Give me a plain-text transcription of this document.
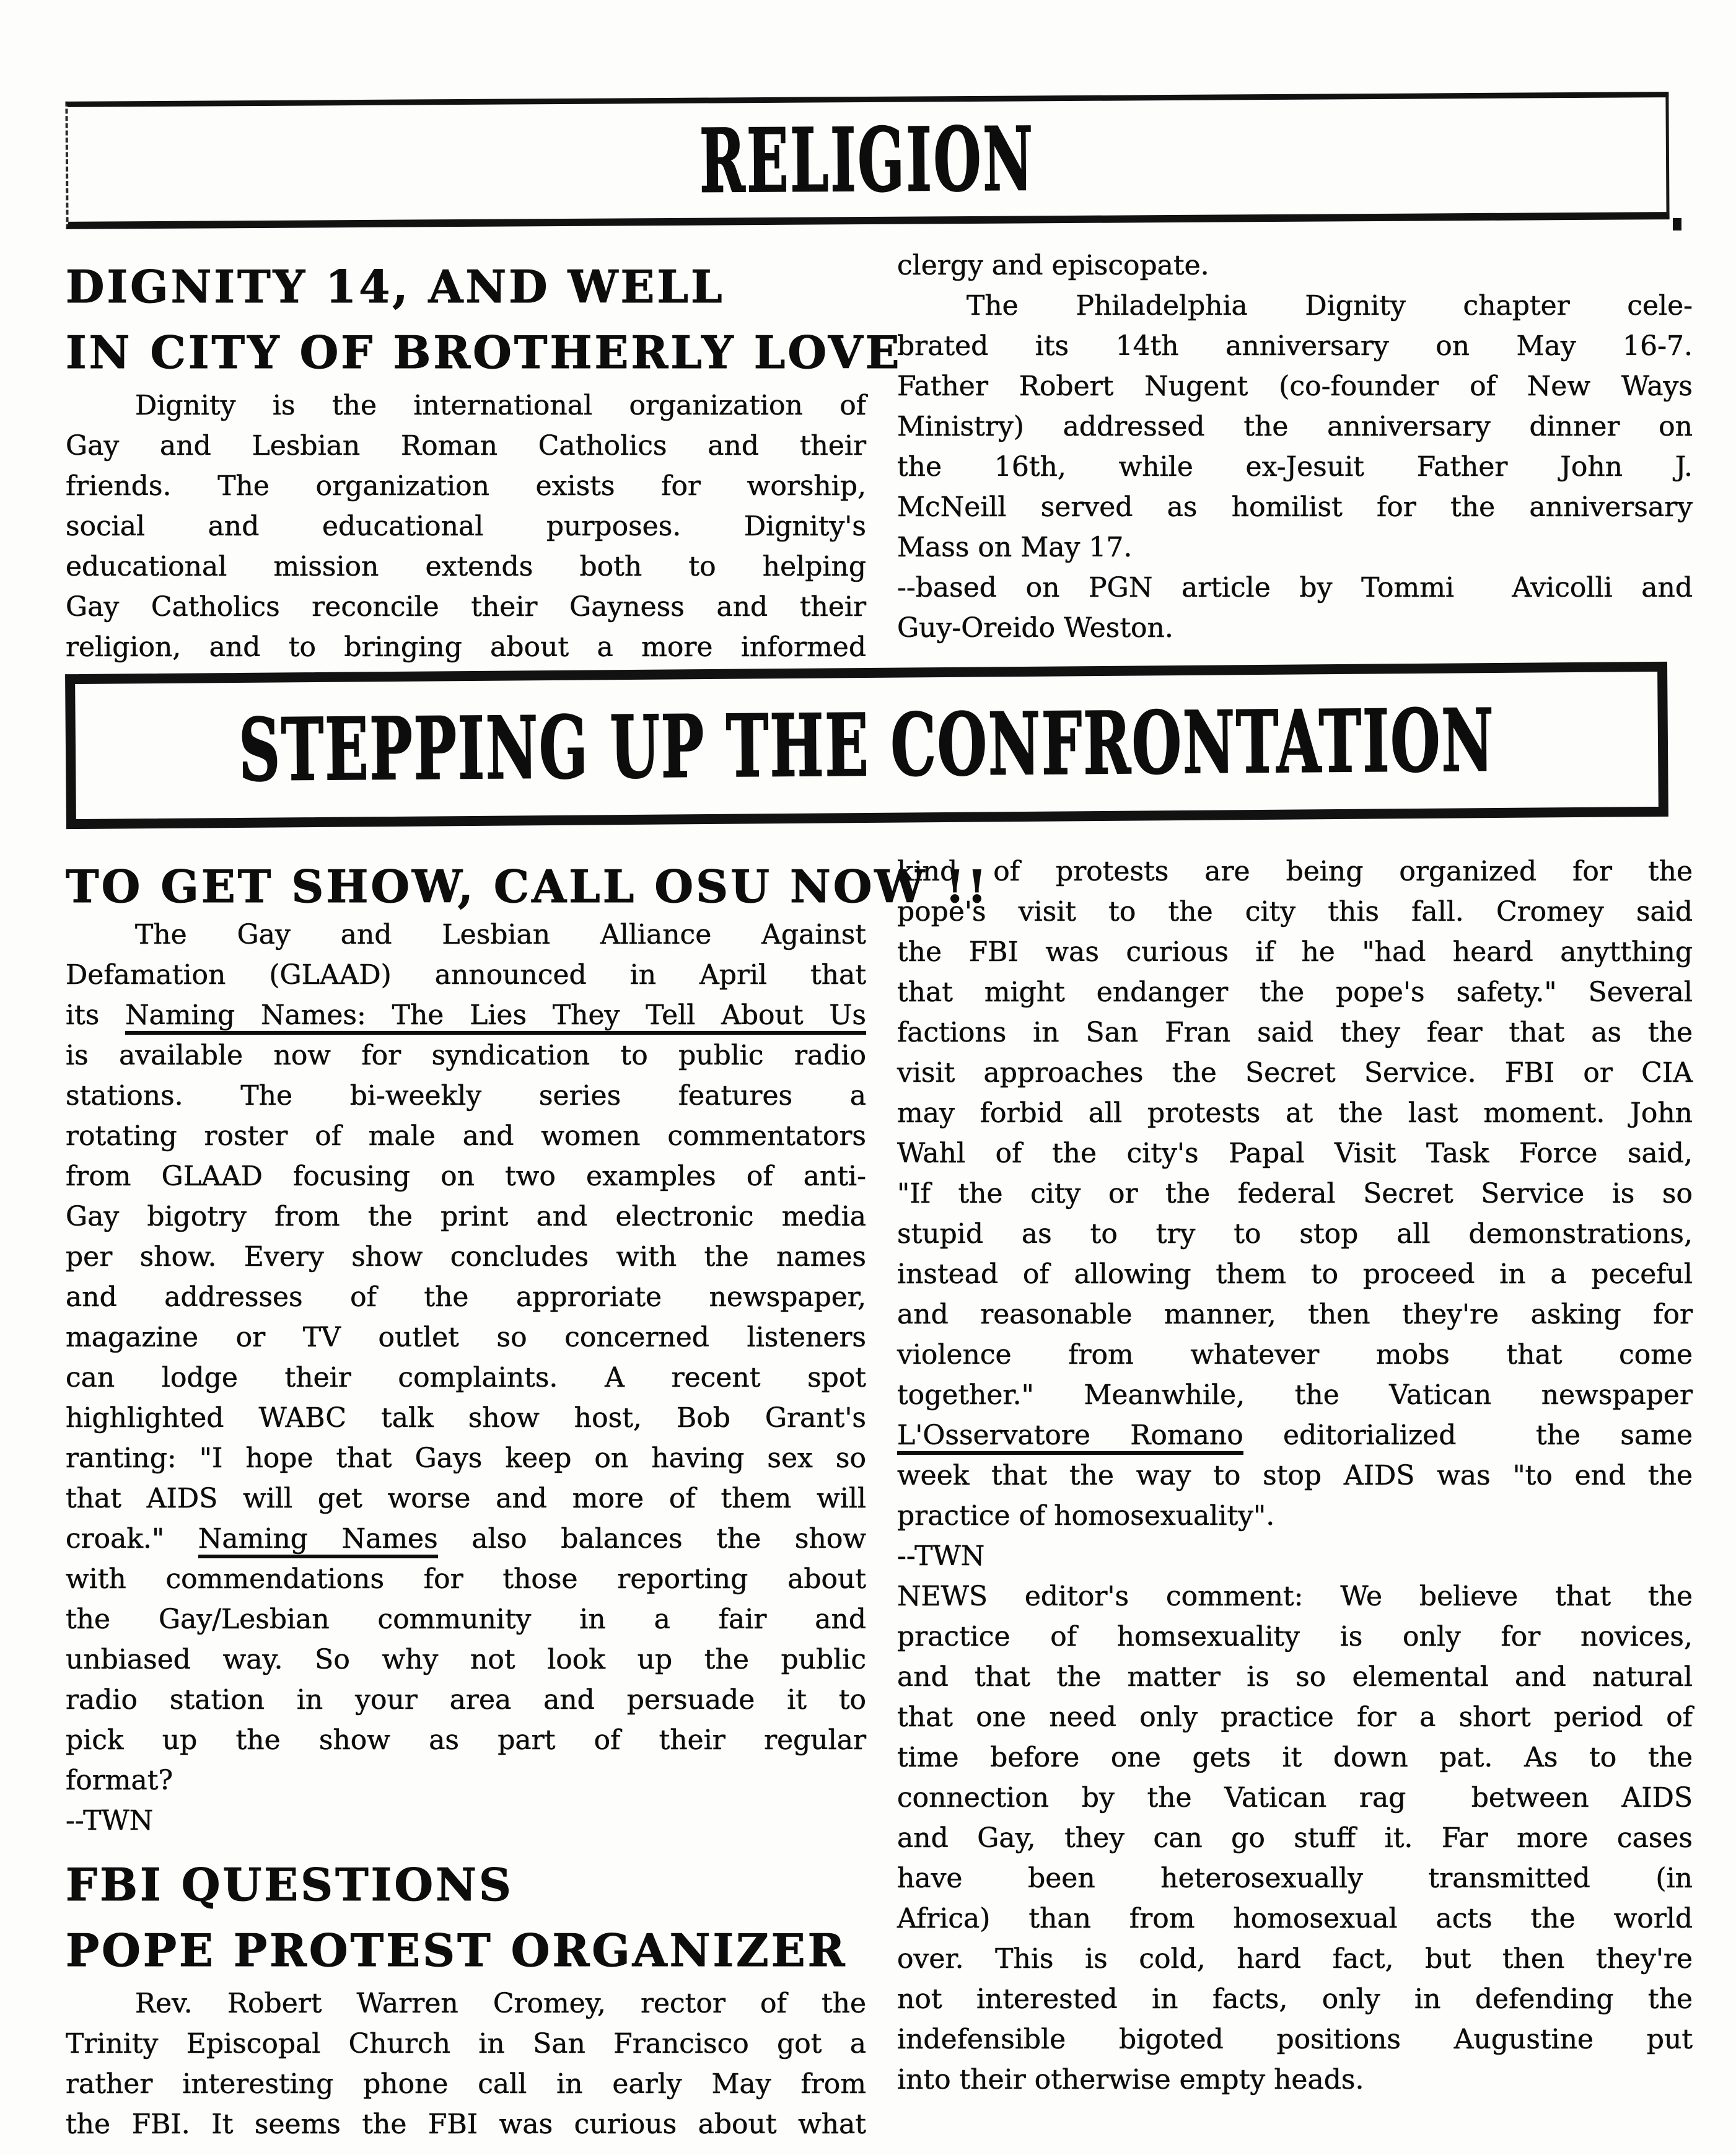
RELIGION
DIGNITY 14, AND WELL
IN CITY OF BROTHERLY LOVE
Dignity is the international organization of
Gay and Lesbian Roman Catholics and their
friends. The organization exists for worship,
social and educational purposes. Dignity's
educational mission extends both to helping
Gay Catholics reconcile their Gayness and their
religion, and to bringing about a more informed
clergy and episcopate.
The Philadelphia Dignity chapter cele-
brated its 14th anniversary on May 16-7.
Father Robert Nugent (co-founder of New Ways
Ministry) addressed the anniversary dinner on
the 16th, while ex-Jesuit Father John J.
McNeill served as homilist for the anniversary
Mass on May 17.
--based on PGN article by Tommi  Avicolli and
Guy-Oreido Weston.
STEPPING UP THE CONFRONTATION
TO GET SHOW, CALL OSU NOW !!
The Gay and Lesbian Alliance Against
Defamation (GLAAD) announced in April that
its Naming Names: The Lies They Tell About Us
is available now for syndication to public radio
stations. The bi-weekly series features a
rotating roster of male and women commentators
from GLAAD focusing on two examples of anti-
Gay bigotry from the print and electronic media
per show. Every show concludes with the names
and addresses of the approriate newspaper,
magazine or TV outlet so concerned listeners
can lodge their complaints. A recent spot
highlighted WABC talk show host, Bob Grant's
ranting: "I hope that Gays keep on having sex so
that AIDS will get worse and more of them will
croak." Naming Names also balances the show
with commendations for those reporting about
the Gay/Lesbian community in a fair and
unbiased way. So why not look up the public
radio station in your area and persuade it to
pick up the show as part of their regular
format?
--TWN
FBI QUESTIONS
POPE PROTEST ORGANIZER
Rev. Robert Warren Cromey, rector of the
Trinity Episcopal Church in San Francisco got a
rather interesting phone call in early May from
the FBI. It seems the FBI was curious about what
kind of protests are being organized for the
pope's visit to the city this fall. Cromey said
the FBI was curious if he "had heard anytthing
that might endanger the pope's safety." Several
factions in San Fran said they fear that as the
visit approaches the Secret Service. FBI or CIA
may forbid all protests at the last moment. John
Wahl of the city's Papal Visit Task Force said,
"If the city or the federal Secret Service is so
stupid as to try to stop all demonstrations,
instead of allowing them to proceed in a peceful
and reasonable manner, then they're asking for
violence from whatever mobs that come
together." Meanwhile, the Vatican newspaper
L'Osservatore Romano editorialized  the same
week that the way to stop AIDS was "to end the
practice of homosexuality".
--TWN
NEWS editor's comment: We believe that the
practice of homsexuality is only for novices,
and that the matter is so elemental and natural
that one need only practice for a short period of
time before one gets it down pat. As to the
connection by the Vatican rag  between AIDS
and Gay, they can go stuff it. Far more cases
have been heterosexually transmitted (in
Africa) than from homosexual acts the world
over. This is cold, hard fact, but then they're
not interested in facts, only in defending the
indefensible bigoted positions Augustine put
into their otherwise empty heads.
